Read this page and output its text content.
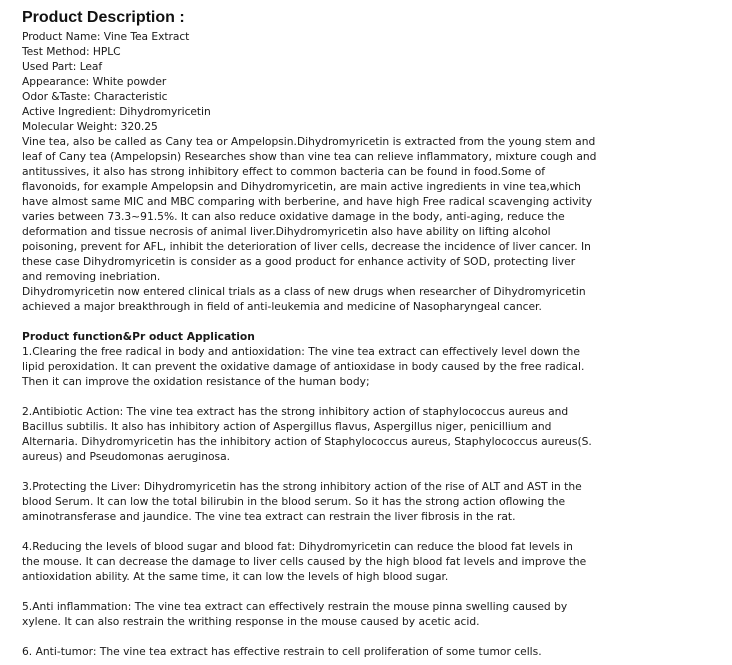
Product Description :
Product Name: Vine Tea Extract
Test Method: HPLC
Used Part: Leaf
Appearance: White powder
Odor &Taste: Characteristic
Active Ingredient: Dihydromyricetin
Molecular Weight: 320.25

Vine tea, also be called as Cany tea or Ampelopsin.Dihydromyricetin is extracted from the young stem and leaf of Cany tea (Ampelopsin) Researches show than vine tea can relieve inflammatory, mixture cough and antitussives, it also has strong inhibitory effect to common bacteria can be found in food.Some of flavonoids, for example Ampelopsin and Dihydromyricetin, are main active ingredients in vine tea,which have almost same MIC and MBC comparing with berberine, and have high Free radical scavenging activity varies between 73.3~91.5%. It can also reduce oxidative damage in the body, anti-aging, reduce the deformation and tissue necrosis of animal liver.Dihydromyricetin also have ability on lifting alcohol poisoning, prevent for AFL, inhibit the deterioration of liver cells, decrease the incidence of liver cancer. In these case Dihydromyricetin is consider as a good product for enhance activity of SOD, protecting liver and removing inebriation.

Dihydromyricetin now entered clinical trials as a class of new drugs when researcher of Dihydromyricetin achieved a major breakthrough in field of anti-leukemia and medicine of Nasopharyngeal cancer.

Product function&Pr oduct Application

1.Clearing the free radical in body and antioxidation: The vine tea extract can effectively level down the lipid peroxidation. It can prevent the oxidative damage of antioxidase in body caused by the free radical. Then it can improve the oxidation resistance of the human body;

2.Antibiotic Action: The vine tea extract has the strong inhibitory action of staphylococcus aureus and Bacillus subtilis. It also has inhibitory action of Aspergillus flavus, Aspergillus niger, penicillium and Alternaria. Dihydromyricetin has the inhibitory action of Staphylococcus aureus, Staphylococcus aureus(S. aureus) and Pseudomonas aeruginosa.

3.Protecting the Liver: Dihydromyricetin has the strong inhibitory action of the rise of ALT and AST in the blood Serum. It can low the total bilirubin in the blood serum. So it has the strong action oflowing the aminotransferase and jaundice. The vine tea extract can restrain the liver fibrosis in the rat.

4.Reducing the levels of blood sugar and blood fat: Dihydromyricetin can reduce the blood fat levels in the mouse. It can decrease the damage to liver cells caused by the high blood fat levels and improve the antioxidation ability. At the same time, it can low the levels of high blood sugar.

5.Anti inflammation: The vine tea extract can effectively restrain the mouse pinna swelling caused by xylene. It can also restrain the writhing response in the mouse caused by acetic acid.

6. Anti-tumor: The vine tea extract has effective restrain to cell proliferation of some tumor cells.
